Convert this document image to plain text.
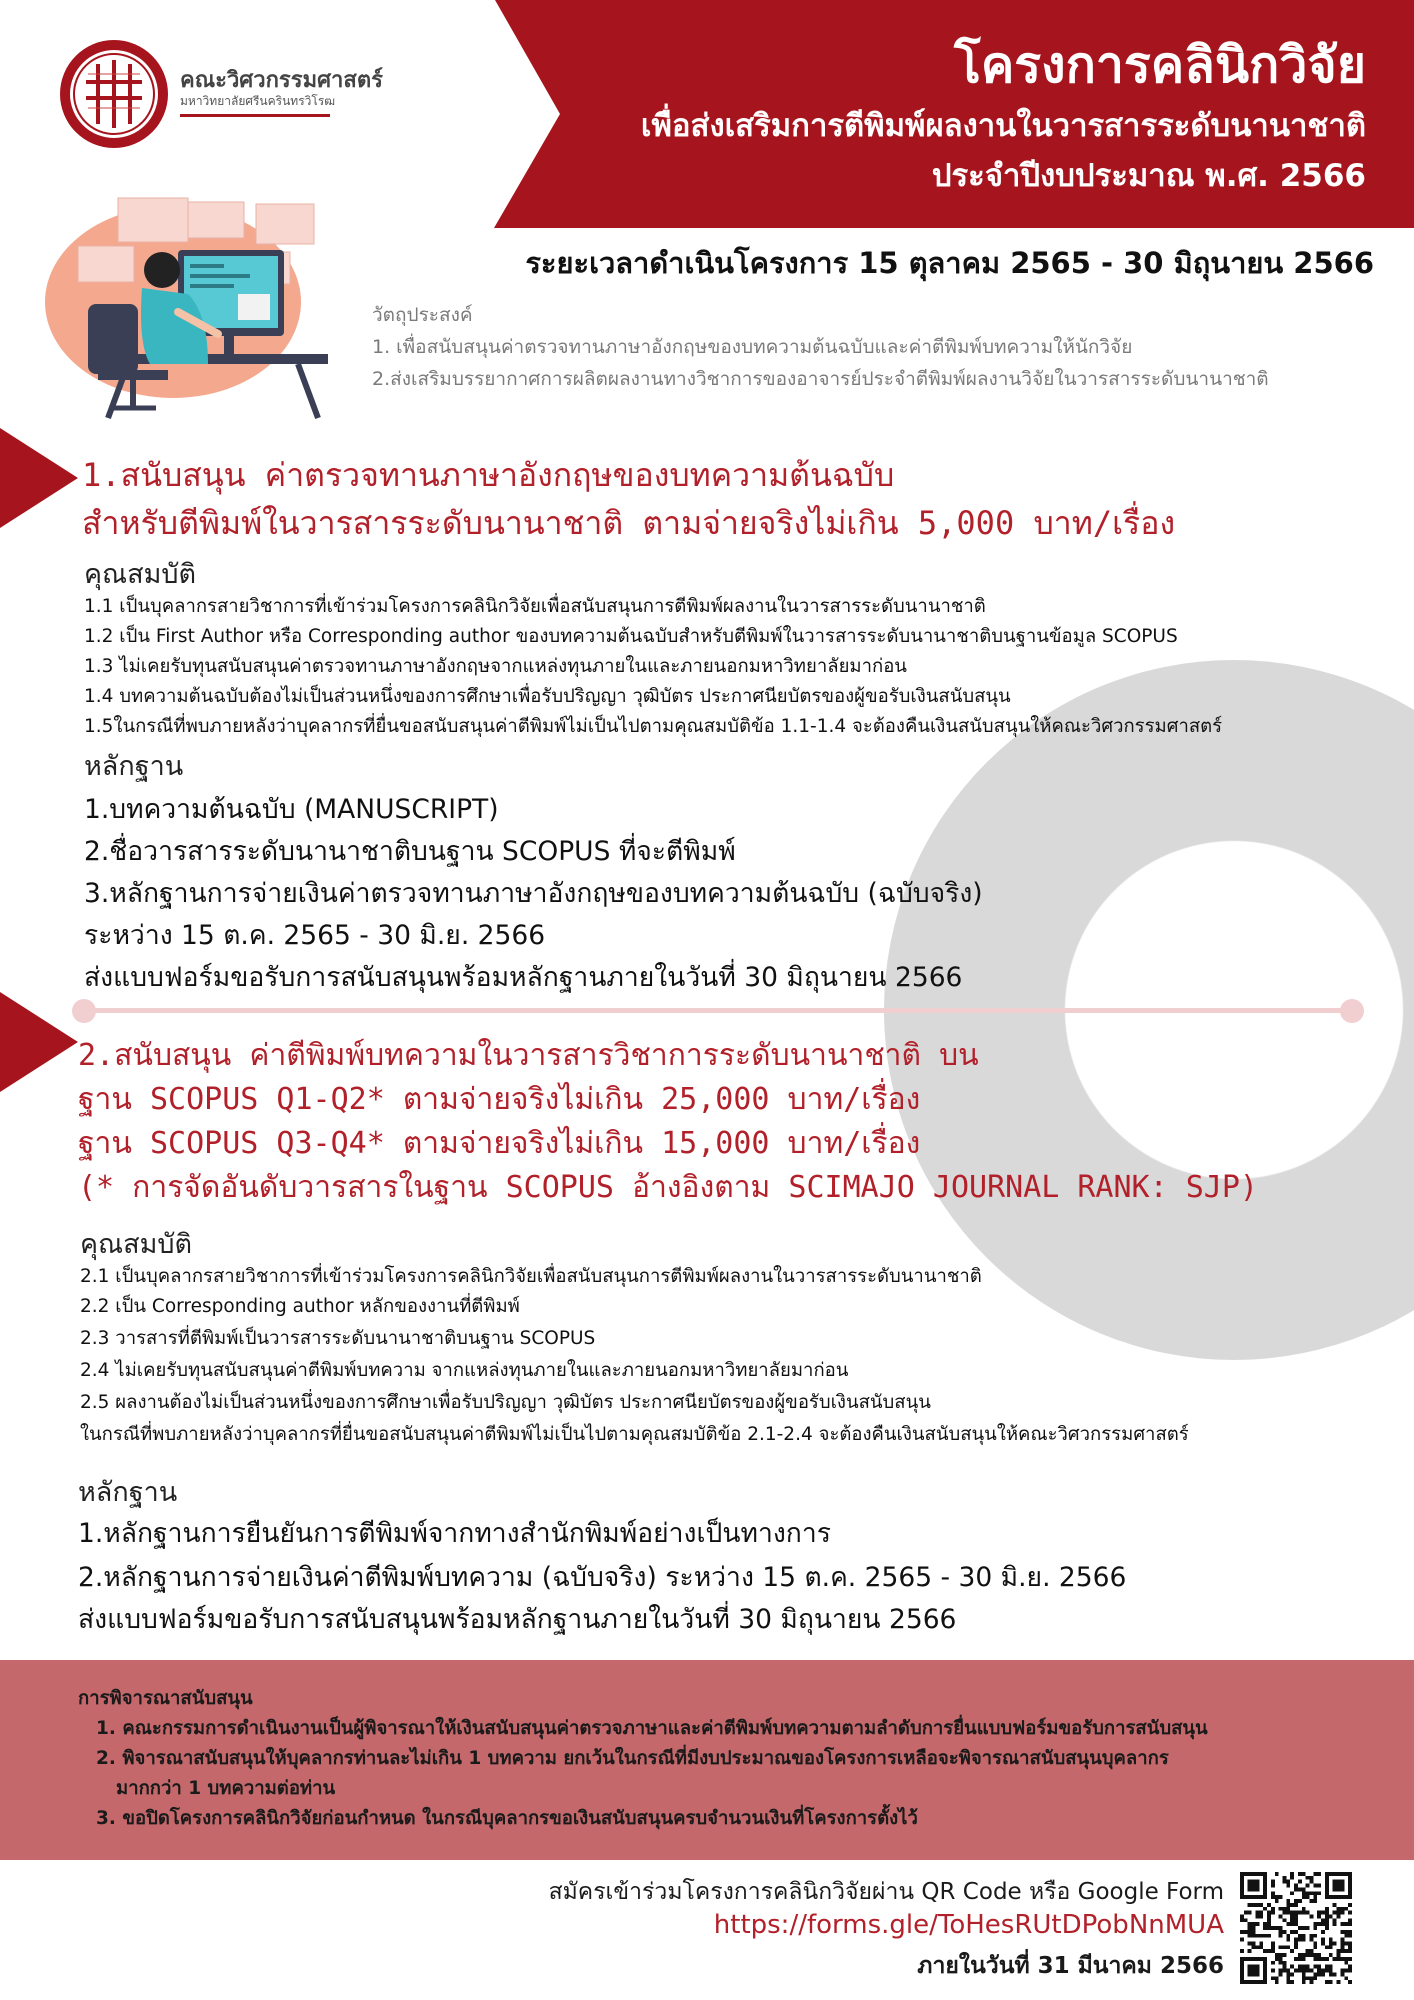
โครงการคลินิกวิจัย
เพื่อส่งเสริมการตีพิมพ์ผลงานในวารสารระดับนานาชาติ
ประจำปีงบประมาณ พ.ศ. 2566
คณะวิศวกรรมศาสตร์
มหาวิทยาลัยศรีนครินทรวิโรฒ
ระยะเวลาดำเนินโครงการ 15 ตุลาคม 2565 - 30 มิถุนายน 2566
วัตถุประสงค์
1. เพื่อสนับสนุนค่าตรวจทานภาษาอังกฤษของบทความต้นฉบับและค่าตีพิมพ์บทความให้นักวิจัย
2.ส่งเสริมบรรยากาศการผลิตผลงานทางวิชาการของอาจารย์ประจำตีพิมพ์ผลงานวิจัยในวารสารระดับนานาชาติ
1.สนับสนุน ค่าตรวจทานภาษาอังกฤษของบทความต้นฉบับ
สำหรับตีพิมพ์ในวารสารระดับนานาชาติ ตามจ่ายจริงไม่เกิน 5,000 บาท/เรื่อง
คุณสมบัติ
1.1 เป็นบุคลากรสายวิชาการที่เข้าร่วมโครงการคลินิกวิจัยเพื่อสนับสนุนการตีพิมพ์ผลงานในวารสารระดับนานาชาติ
1.2 เป็น First Author หรือ Corresponding author ของบทความต้นฉบับสำหรับตีพิมพ์ในวารสารระดับนานาชาติบนฐานข้อมูล SCOPUS
1.3 ไม่เคยรับทุนสนับสนุนค่าตรวจทานภาษาอังกฤษจากแหล่งทุนภายในและภายนอกมหาวิทยาลัยมาก่อน
1.4 บทความต้นฉบับต้องไม่เป็นส่วนหนึ่งของการศึกษาเพื่อรับปริญญา วุฒิบัตร ประกาศนียบัตรของผู้ขอรับเงินสนับสนุน
1.5ในกรณีที่พบภายหลังว่าบุคลากรที่ยื่นขอสนับสนุนค่าตีพิมพ์ไม่เป็นไปตามคุณสมบัติข้อ 1.1-1.4 จะต้องคืนเงินสนับสนุนให้คณะวิศวกรรมศาสตร์
หลักฐาน
1.บทความต้นฉบับ (MANUSCRIPT)
2.ชื่อวารสารระดับนานาชาติบนฐาน SCOPUS ที่จะตีพิมพ์
3.หลักฐานการจ่ายเงินค่าตรวจทานภาษาอังกฤษของบทความต้นฉบับ (ฉบับจริง)
ระหว่าง 15 ต.ค. 2565 - 30 มิ.ย. 2566
ส่งแบบฟอร์มขอรับการสนับสนุนพร้อมหลักฐานภายในวันที่ 30 มิถุนายน 2566
2.สนับสนุน ค่าตีพิมพ์บทความในวารสารวิชาการระดับนานาชาติ บน
ฐาน SCOPUS Q1-Q2* ตามจ่ายจริงไม่เกิน 25,000 บาท/เรื่อง
ฐาน SCOPUS Q3-Q4* ตามจ่ายจริงไม่เกิน 15,000 บาท/เรื่อง
(* การจัดอันดับวารสารในฐาน SCOPUS อ้างอิงตาม SCIMAJO JOURNAL RANK: SJP)
คุณสมบัติ
2.1 เป็นบุคลากรสายวิชาการที่เข้าร่วมโครงการคลินิกวิจัยเพื่อสนับสนุนการตีพิมพ์ผลงานในวารสารระดับนานาชาติ
2.2 เป็น Corresponding author หลักของงานที่ตีพิมพ์
2.3 วารสารที่ตีพิมพ์เป็นวารสารระดับนานาชาติบนฐาน SCOPUS
2.4 ไม่เคยรับทุนสนับสนุนค่าตีพิมพ์บทความ จากแหล่งทุนภายในและภายนอกมหาวิทยาลัยมาก่อน
2.5 ผลงานต้องไม่เป็นส่วนหนึ่งของการศึกษาเพื่อรับปริญญา วุฒิบัตร ประกาศนียบัตรของผู้ขอรับเงินสนับสนุน
ในกรณีที่พบภายหลังว่าบุคลากรที่ยื่นขอสนับสนุนค่าตีพิมพ์ไม่เป็นไปตามคุณสมบัติข้อ 2.1-2.4 จะต้องคืนเงินสนับสนุนให้คณะวิศวกรรมศาสตร์
หลักฐาน
1.หลักฐานการยืนยันการตีพิมพ์จากทางสำนักพิมพ์อย่างเป็นทางการ
2.หลักฐานการจ่ายเงินค่าตีพิมพ์บทความ (ฉบับจริง) ระหว่าง 15 ต.ค. 2565 - 30 มิ.ย. 2566
ส่งแบบฟอร์มขอรับการสนับสนุนพร้อมหลักฐานภายในวันที่ 30 มิถุนายน 2566
การพิจารณาสนับสนุน
1. คณะกรรมการดำเนินงานเป็นผู้พิจารณาให้เงินสนับสนุนค่าตรวจภาษาและค่าตีพิมพ์บทความตามลำดับการยื่นแบบฟอร์มขอรับการสนับสนุน
2. พิจารณาสนับสนุนให้บุคลากรท่านละไม่เกิน 1 บทความ ยกเว้นในกรณีที่มีงบประมาณของโครงการเหลือจะพิจารณาสนับสนุนบุคลากร
มากกว่า 1 บทความต่อท่าน
3. ขอปิดโครงการคลินิกวิจัยก่อนกำหนด ในกรณีบุคลากรขอเงินสนับสนุนครบจำนวนเงินที่โครงการตั้งไว้
สมัครเข้าร่วมโครงการคลินิกวิจัยผ่าน QR Code หรือ Google Form
https://forms.gle/ToHesRUtDPobNnMUA
ภายในวันที่ 31 มีนาคม 2566
